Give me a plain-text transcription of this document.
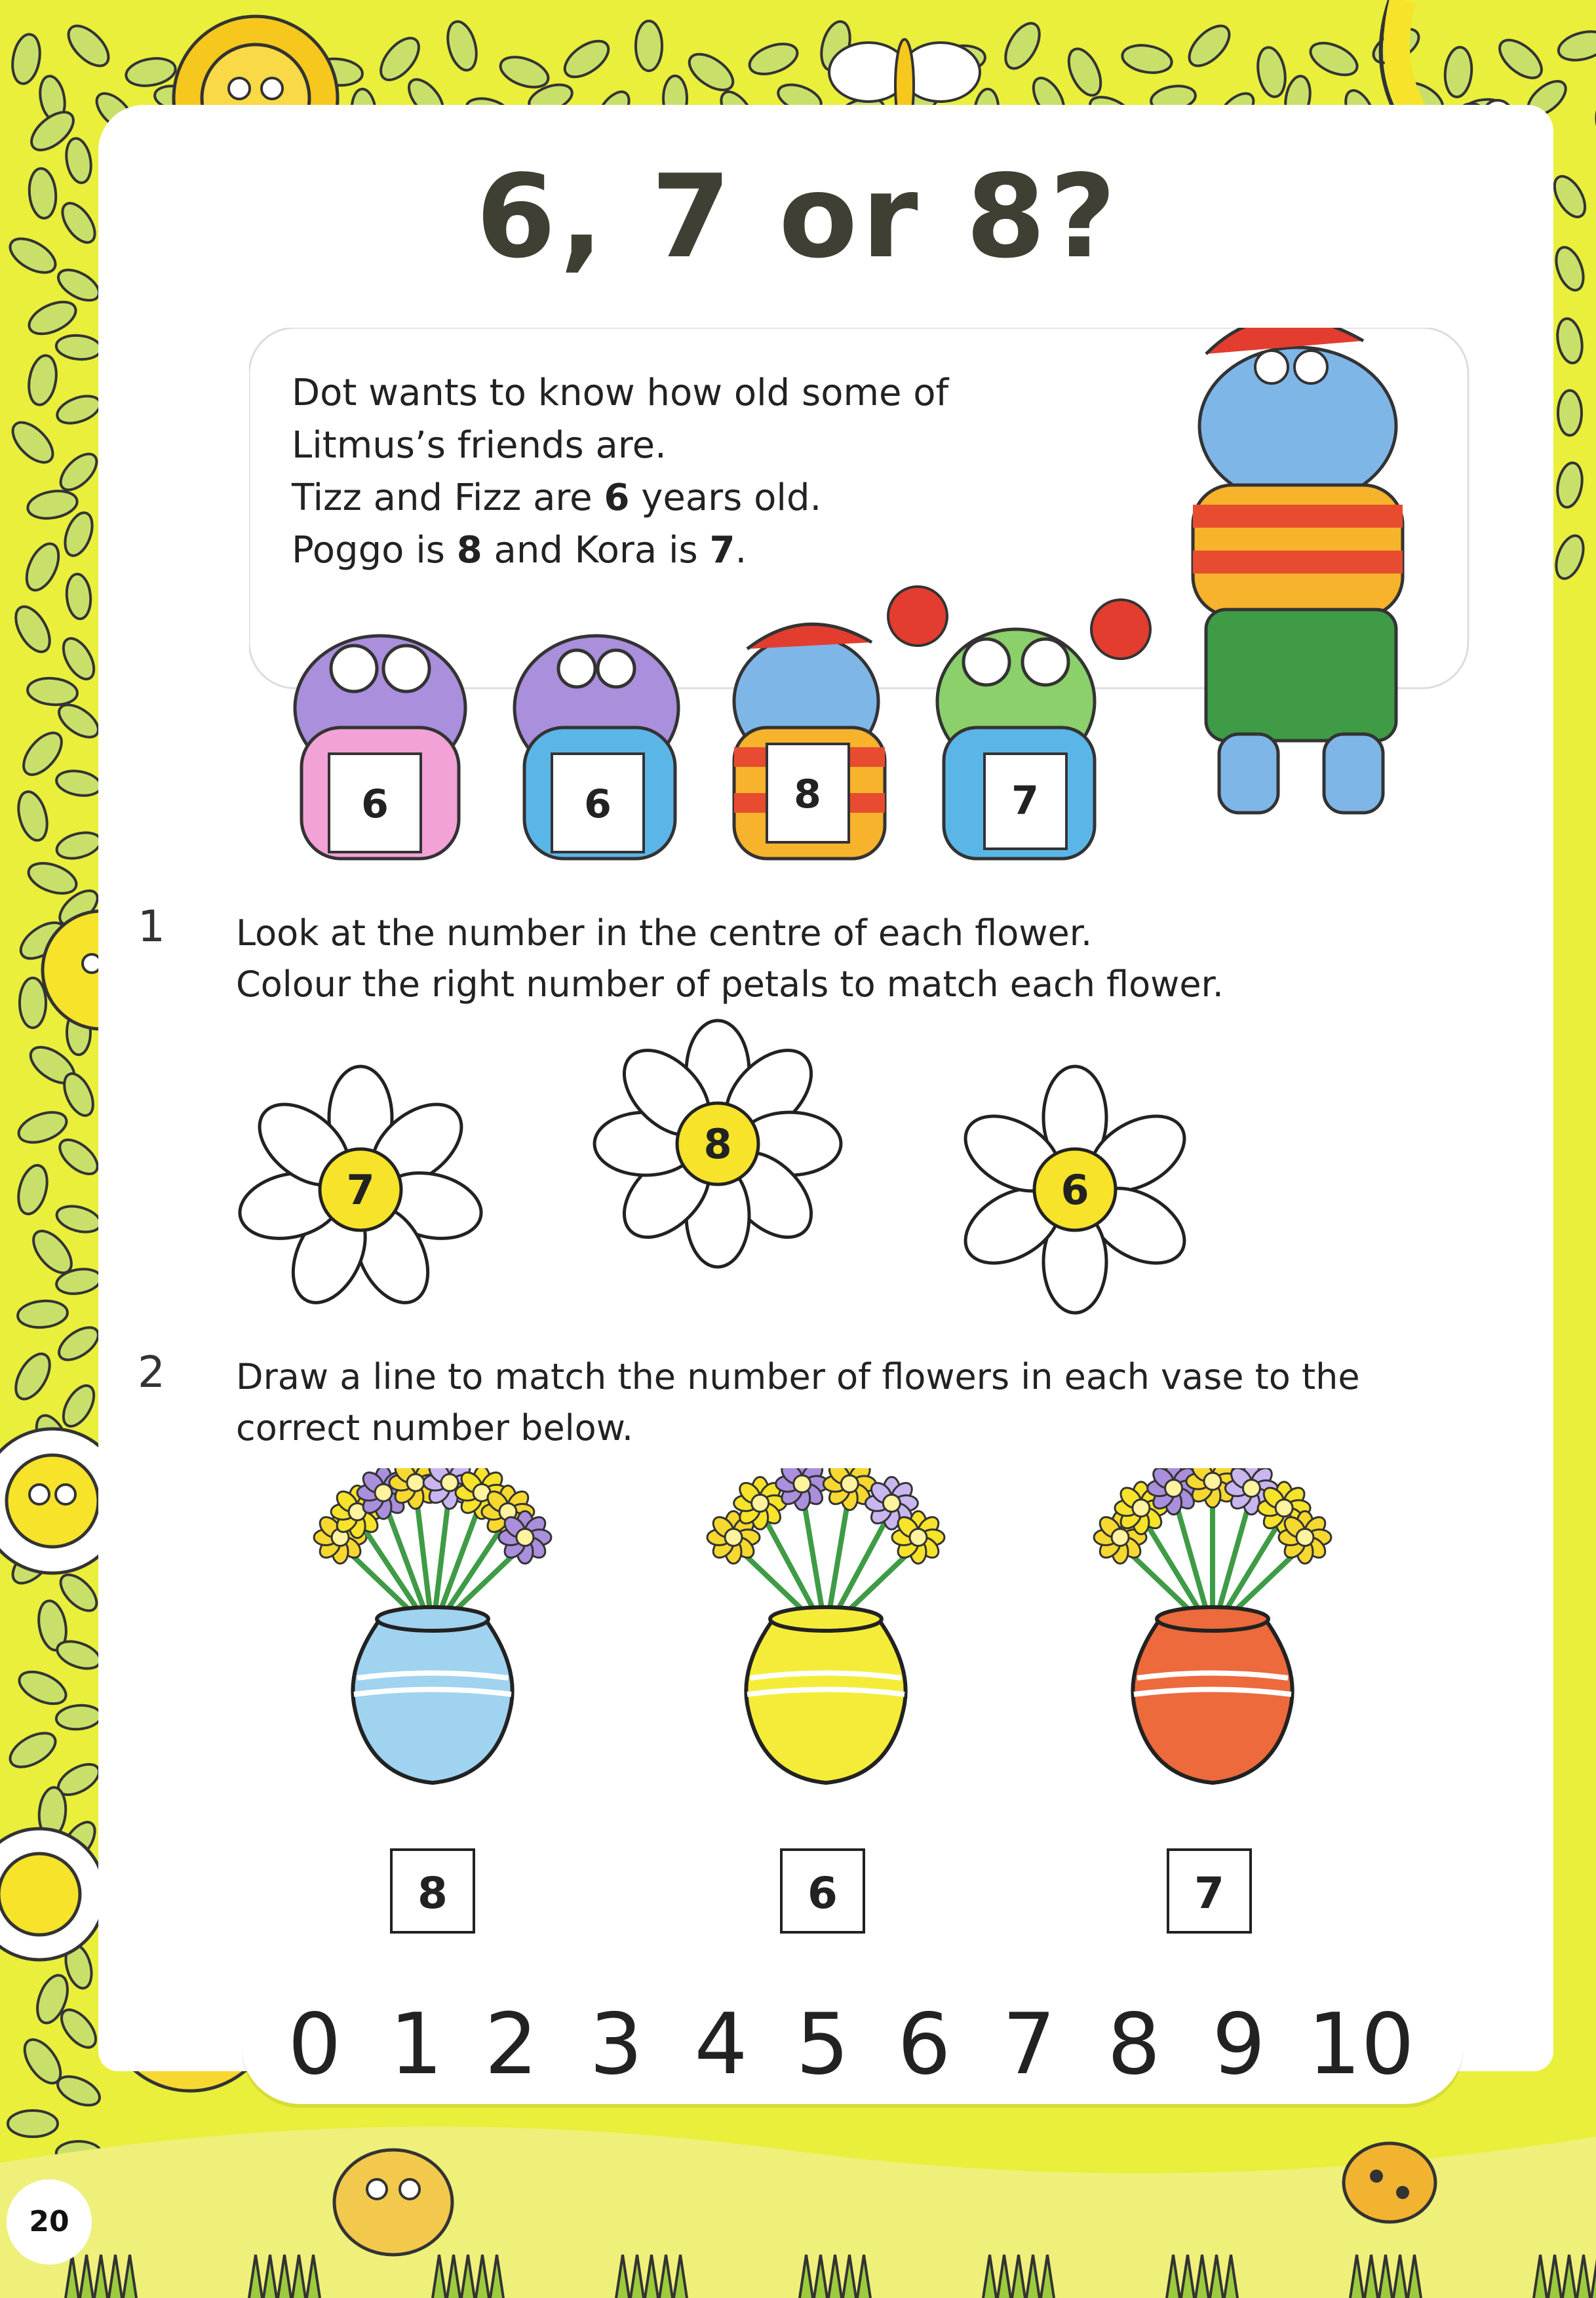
6, 7 or 8?
Dot wants to know how old some of
Litmus’s friends are.
Tizz and Fizz are 6 years old.
Poggo is 8 and Kora is 7.
6	6	8	7
1 Look at the number in the centre of each flower.
Colour the right number of petals to match each flower.
7
8
6
2 Draw a line to match the number of flowers in each vase to the
correct number below.
8	6	7
0 1 2 3 4 5 6 7 8 9 10
20
